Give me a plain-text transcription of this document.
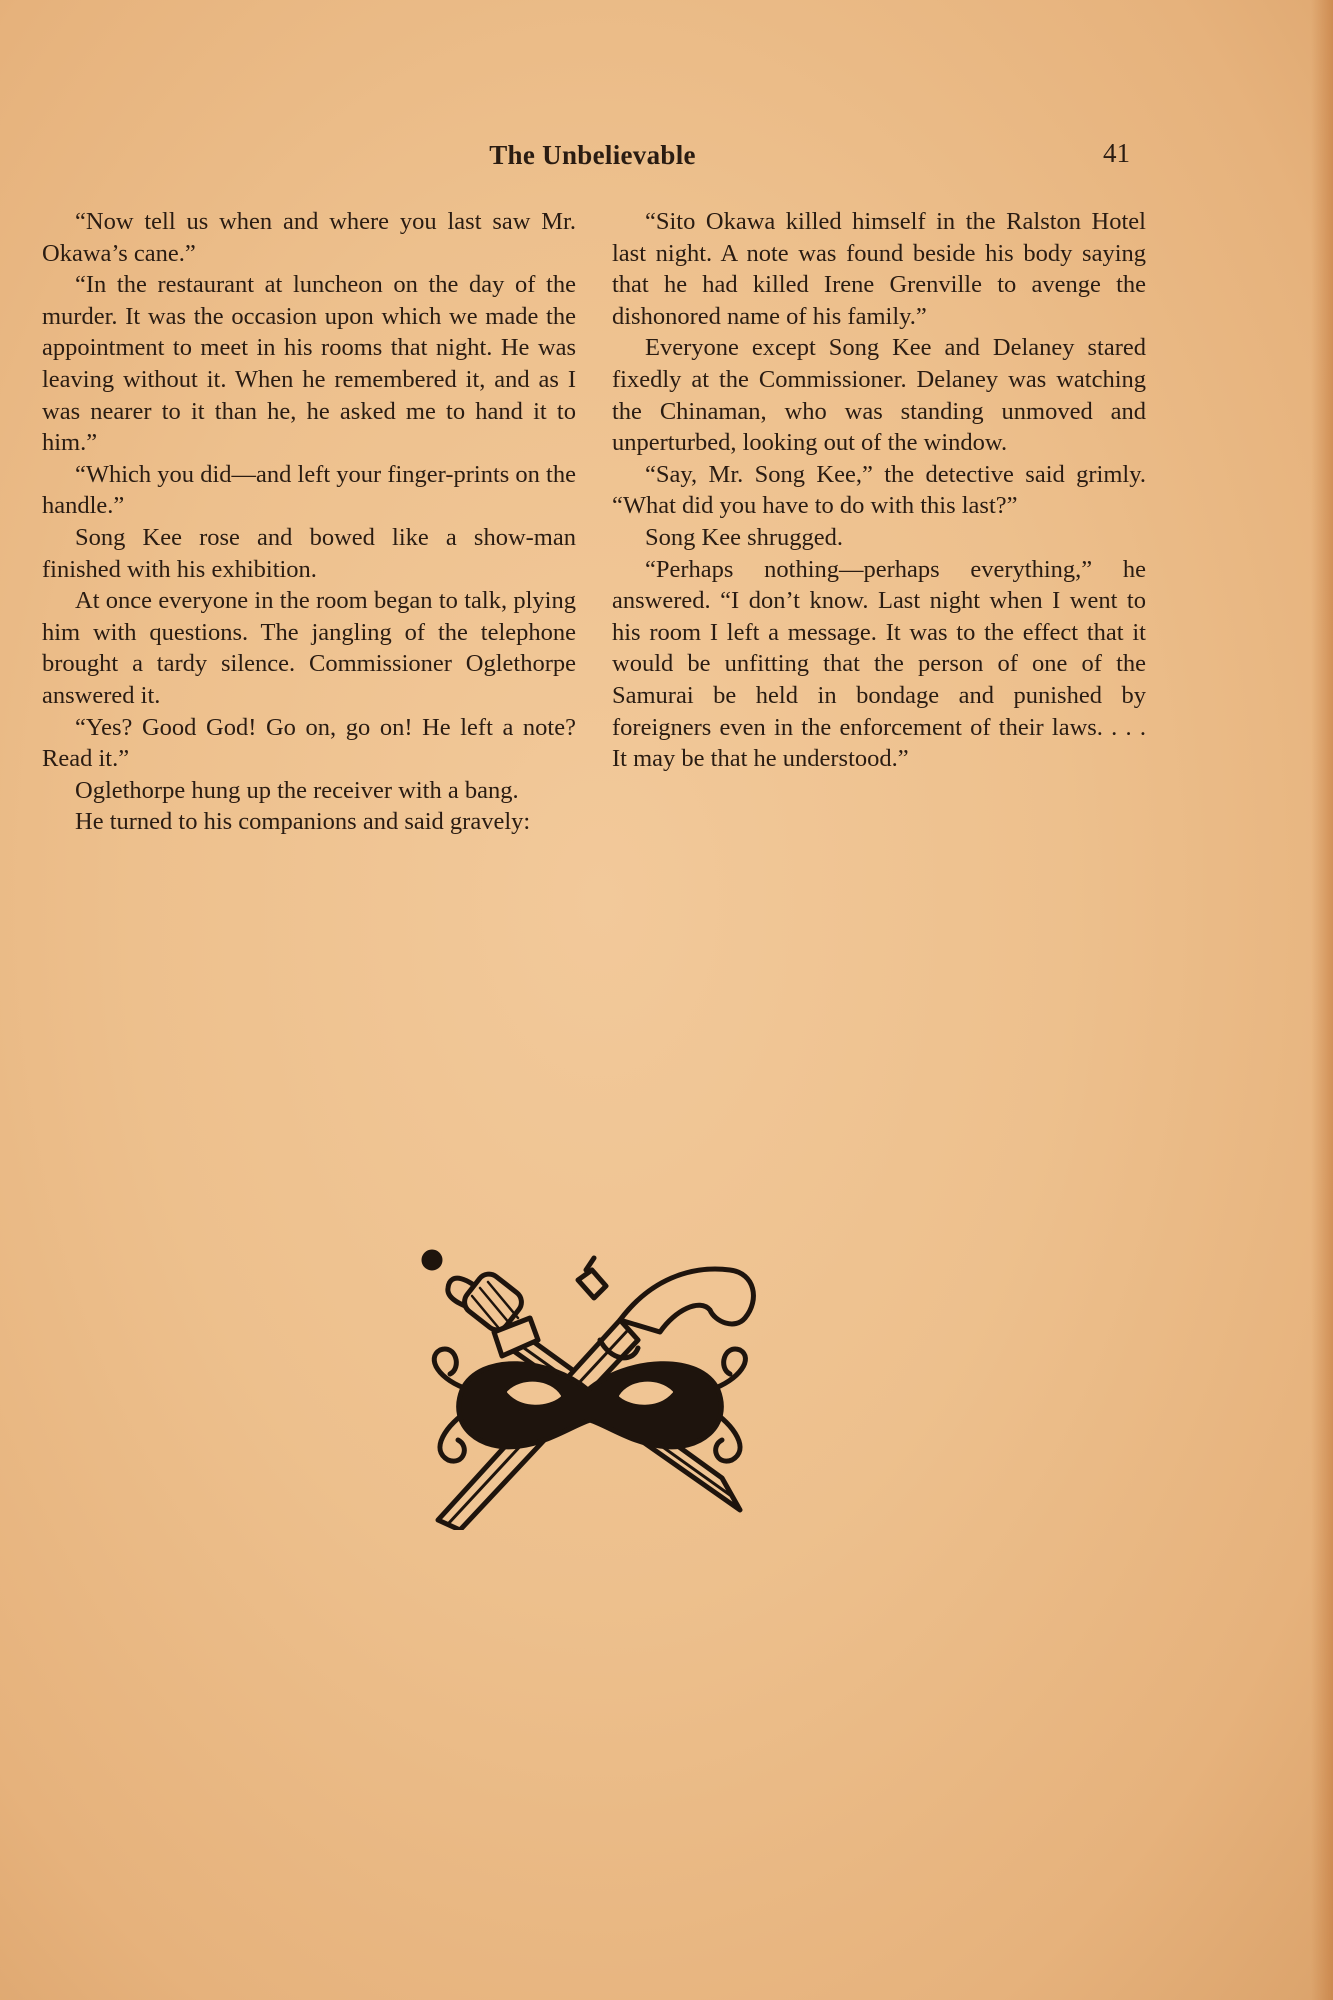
The Unbelievable	41

“Now tell us when and where you last saw Mr. Okawa’s cane.”

“In the restaurant at luncheon on the day of the murder. It was the occasion upon which we made the appointment to meet in his rooms that night. He was leaving without it. When he remembered it, and as I was nearer to it than he, he asked me to hand it to him.”

“Which you did—and left your finger-prints on the handle.”

Song Kee rose and bowed like a show-man finished with his exhibition.

At once everyone in the room began to talk, plying him with questions. The jangling of the telephone brought a tardy silence. Commissioner Oglethorpe answered it.

“Yes? Good God! Go on, go on! He left a note? Read it.”

Oglethorpe hung up the receiver with a bang.

He turned to his companions and said gravely:

“Sito Okawa killed himself in the Ralston Hotel last night. A note was found beside his body saying that he had killed Irene Grenville to avenge the dishonored name of his family.”

Everyone except Song Kee and Delaney stared fixedly at the Commissioner. Delaney was watching the Chinaman, who was standing unmoved and unperturbed, looking out of the window.

“Say, Mr. Song Kee,” the detective said grimly. “What did you have to do with this last?”

Song Kee shrugged.

“Perhaps nothing—perhaps everything,” he answered. “I don’t know. Last night when I went to his room I left a message. It was to the effect that it would be unfitting that the person of one of the Samurai be held in bondage and punished by foreigners even in the enforcement of their laws. . . . It may be that he understood.”
